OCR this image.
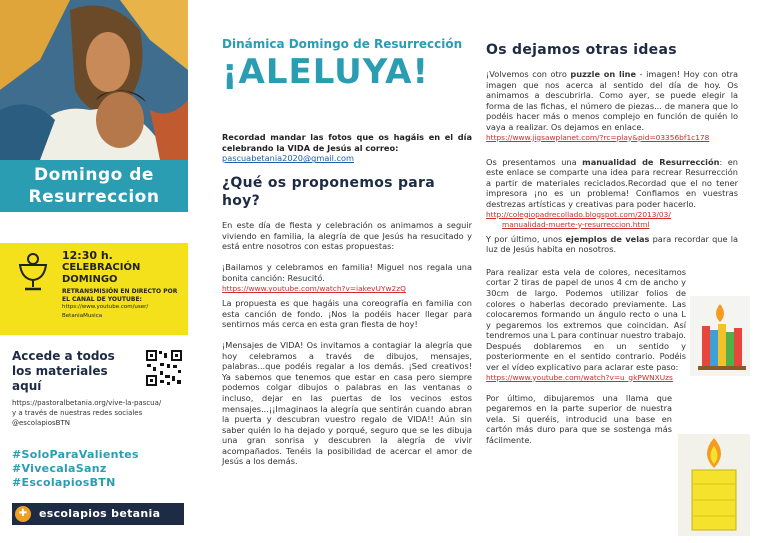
Domingo de
Resurreccion
12:30 h.
CELEBRACIÓN
DOMINGO
RETRANSMISIÓN EN DIRECTO POR EL CANAL DE YOUTUBE:
https://www.youtube.com/user/
BetaniaMusica
Accede a todos los materiales aquí
https://pastoralbetania.org/vive-la-pascua/
y a través de nuestras redes sociales
@escolapiosBTN
#SoloParaValientes
#VivecalaSanz
#EscolapiosBTN
✚	escolapios betania
Dinámica Domingo de Resurrección
¡ALELUYA!
Recordad mandar las fotos que os hagáis en el día celebrando la VIDA de Jesús al correo:
pascuabetania2020@gmail.com
¿Qué os proponemos para hoy?
En este día de fiesta y celebración os animamos a seguir viviendo en familia, la alegría de que Jesús ha resucitado y está entre nosotros con estas propuestas:
¡Bailamos y celebramos en familia! Miguel nos regala una bonita canción: Resucitó.
https://www.youtube.com/watch?v=iakevUYw2zQ
La propuesta es que hagáis una coreografía en familia con esta canción de fondo. ¡Nos la podéis hacer llegar para sentirnos más cerca en esta gran fiesta de hoy!
¡Mensajes de VIDA! Os invitamos a contagiar la alegría que hoy celebramos a través de dibujos, mensajes, palabras...que podéis regalar a los demás. ¡Sed creativos! Ya sabemos que tenemos que estar en casa pero siempre podemos colgar dibujos o palabras en las ventanas o incluso, dejar en las puertas de los vecinos estos mensajes...¡¡Imaginaos la alegría que sentirán cuando abran la puerta y descubran vuestro regalo de VIDA!! Aún sin saber quién lo ha dejado y porqué, seguro que se les dibuja una gran sonrisa y descubren la alegría de vivir acompañados. Tenéis la posibilidad de acercar el amor de Jesús a los demás.
Os dejamos otras ideas
¡Volvemos con otro puzzle on line - imagen! Hoy con otra imagen que nos acerca al sentido del día de hoy. Os animamos a descubrirla. Como ayer, se puede elegir la forma de las fichas, el número de piezas... de manera que lo podéis hacer más o menos complejo en función de quién lo vaya a realizar. Os dejamos en enlace.
https://www.jigsawplanet.com/?rc=play&pid=03356bf1c178
Os presentamos una manualidad de Resurrección: en este enlace se comparte una idea para recrear Resurrección a partir de materiales reciclados.Recordad que el no tener impresora ¡no es un problema! Confiamos en vuestras destrezas artísticas y creativas para poder hacerlo.
http://colegiopadrecollado.blogspot.com/2013/03/
manualidad-muerte-y-resurreccion.html
Y por último, unos ejemplos de velas para recordar que la luz de Jesús habita en nosotros.
Para realizar esta vela de colores, necesitamos cortar 2 tiras de papel de unos 4 cm de ancho y 30cm de largo. Podemos utilizar folios de colores o haberlas decorado previamente. Las colocaremos formando un ángulo recto o una L y pegaremos los extremos que coincidan. Así tendremos una L para continuar nuestro trabajo. Después doblaremos en un sentido y posteriormente en el sentido contrario. Podéis ver el vídeo explicativo para aclarar este paso:
https://www.youtube.com/watch?v=u_gkPWNXUzs
Por último, dibujaremos una llama que pegaremos en la parte superior de nuestra vela. Si queréis, introducid una base en cartón más duro para que se sostenga más fácilmente.
